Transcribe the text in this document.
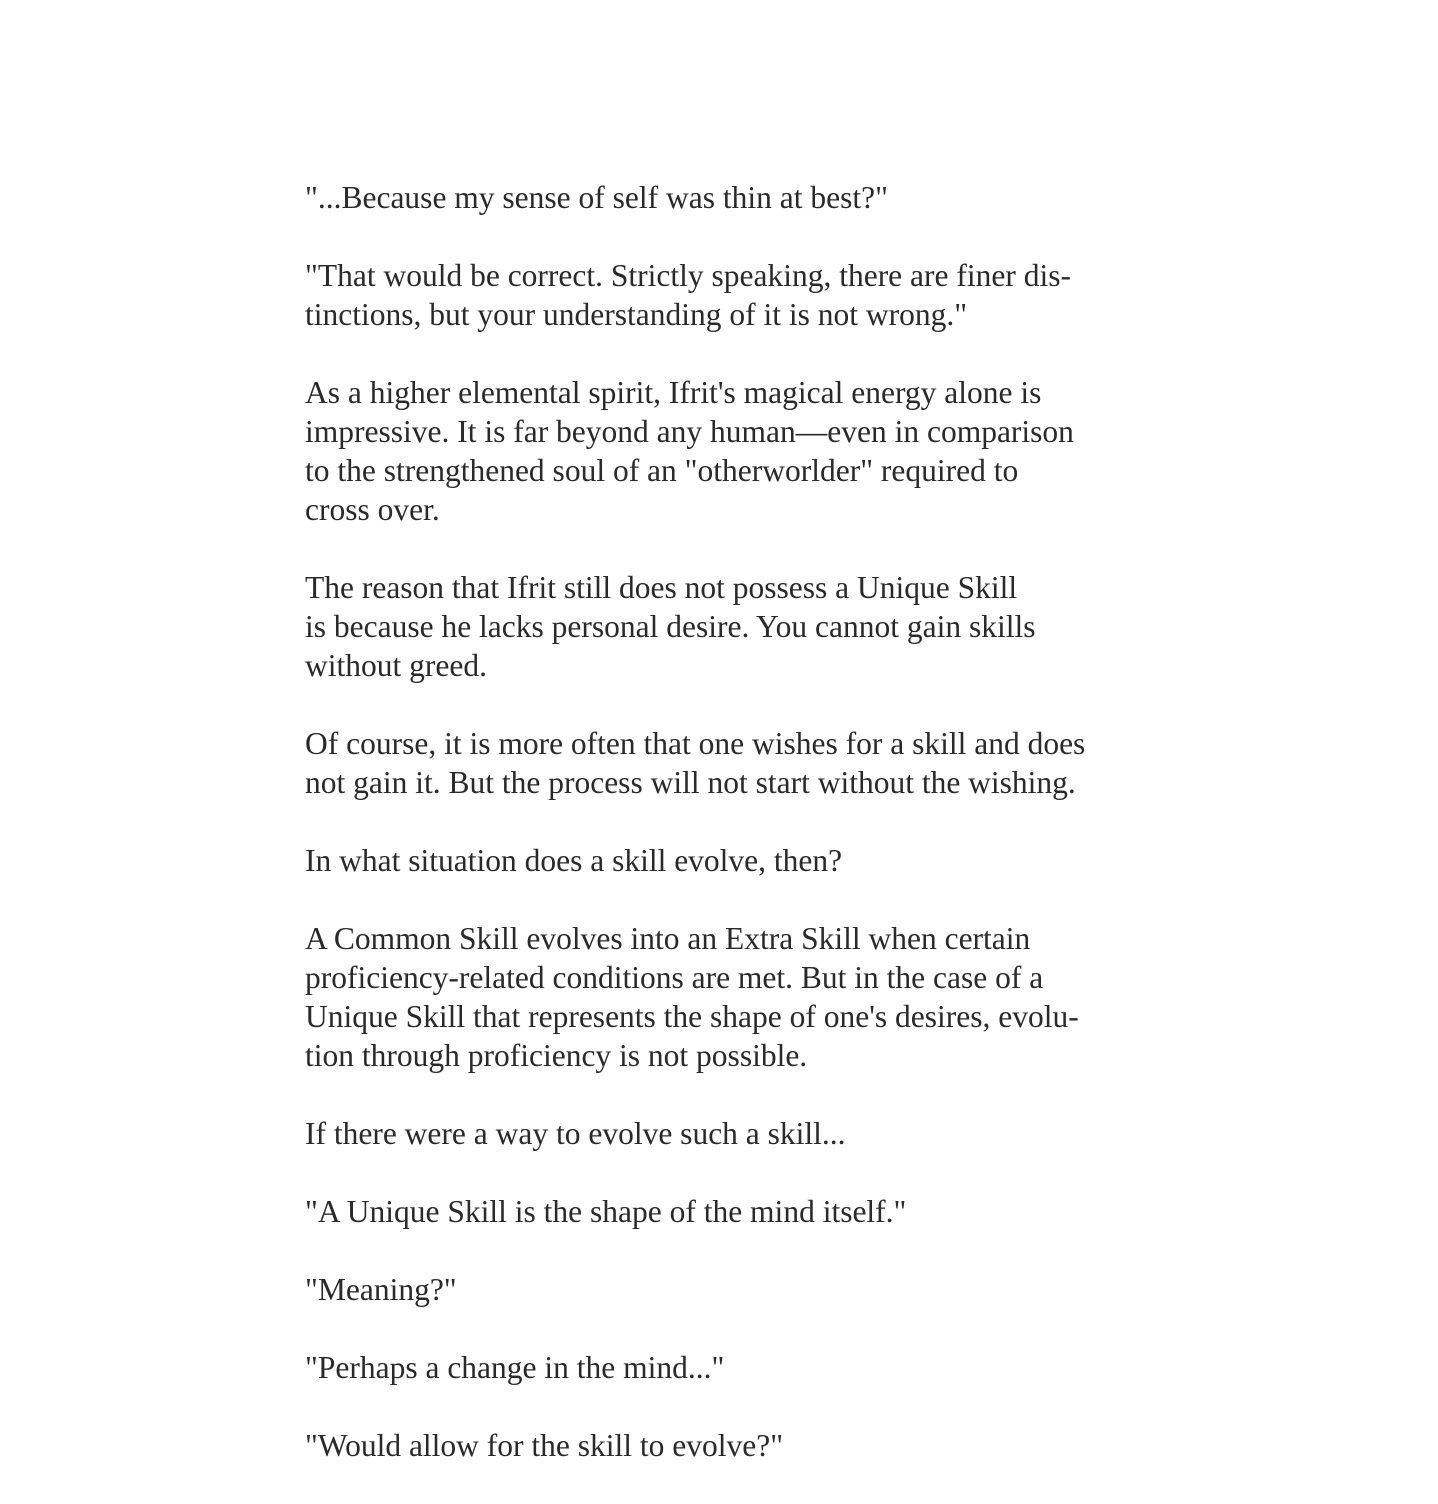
"...Because my sense of self was thin at best?"
"That would be correct. Strictly speaking, there are finer dis-
tinctions, but your understanding of it is not wrong."
As a higher elemental spirit, Ifrit's magical energy alone is
impressive. It is far beyond any human—even in comparison
to the strengthened soul of an "otherworlder" required to
cross over.
The reason that Ifrit still does not possess a Unique Skill
is because he lacks personal desire. You cannot gain skills
without greed.
Of course, it is more often that one wishes for a skill and does
not gain it. But the process will not start without the wishing.
In what situation does a skill evolve, then?
A Common Skill evolves into an Extra Skill when certain
proficiency-related conditions are met. But in the case of a
Unique Skill that represents the shape of one's desires, evolu-
tion through proficiency is not possible.
If there were a way to evolve such a skill...
"A Unique Skill is the shape of the mind itself."
"Meaning?"
"Perhaps a change in the mind..."
"Would allow for the skill to evolve?"
